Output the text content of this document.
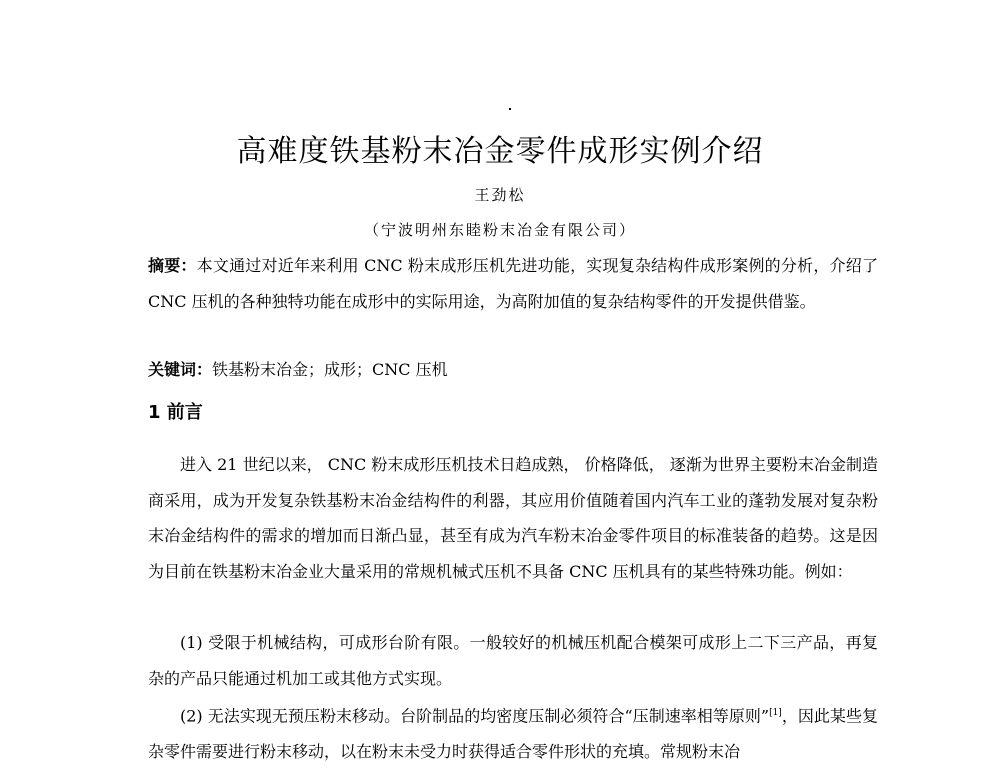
高难度铁基粉末冶金零件成形实例介绍
王劲松
（宁波明州东睦粉末冶金有限公司）
摘要：本文通过对近年来利用 CNC 粉末成形压机先进功能，实现复杂结构件成形案例的分析，介绍了 CNC 压机的各种独特功能在成形中的实际用途，为高附加值的复杂结构零件的开发提供借鉴。
关键词：铁基粉末冶金；成形；CNC 压机
1 前言
进入 21 世纪以来， CNC 粉末成形压机技术日趋成熟， 价格降低， 逐渐为世界主要粉末冶金制造商采用，成为开发复杂铁基粉末冶金结构件的利器，其应用价值随着国内汽车工业的蓬勃发展对复杂粉末冶金结构件的需求的增加而日渐凸显，甚至有成为汽车粉末冶金零件项目的标准装备的趋势。这是因为目前在铁基粉末冶金业大量采用的常规机械式压机不具备 CNC 压机具有的某些特殊功能。例如：
(1) 受限于机械结构，可成形台阶有限。一般较好的机械压机配合模架可成形上二下三产品，再复杂的产品只能通过机加工或其他方式实现。
(2) 无法实现无预压粉末移动。台阶制品的均密度压制必须符合“压制速率相等原则”[1]，因此某些复杂零件需要进行粉末移动，以在粉末未受力时获得适合零件形状的充填。常规粉末冶
